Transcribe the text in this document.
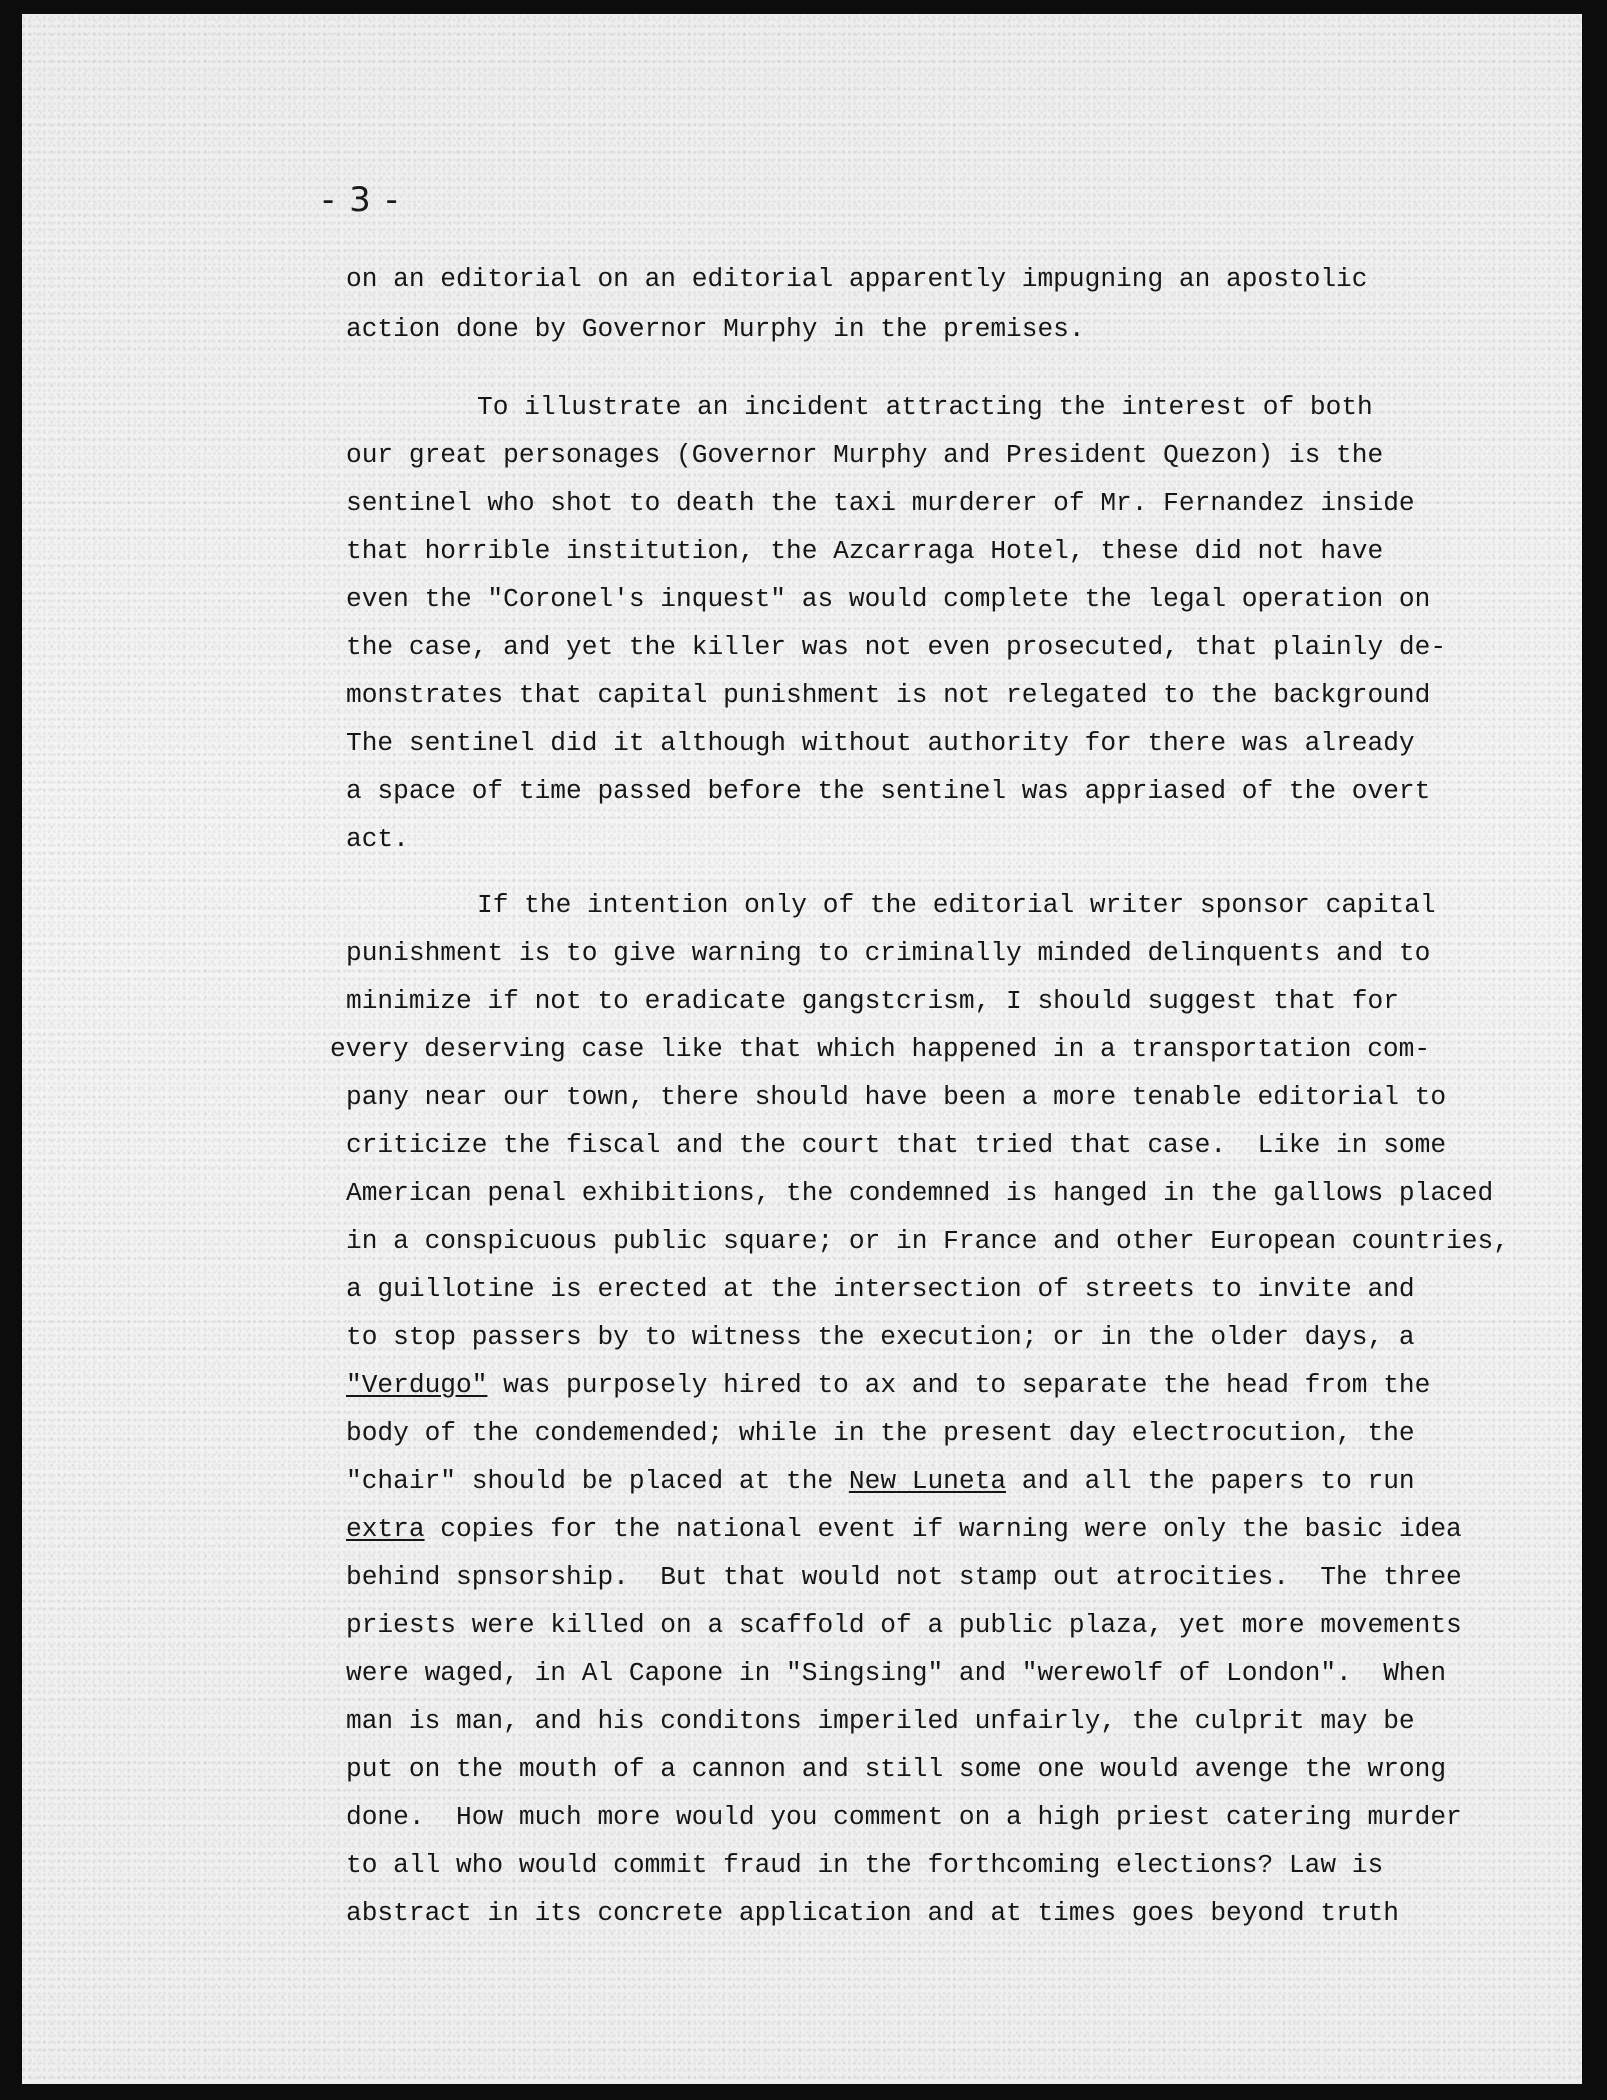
- 3 -

on an editorial on an editorial apparently impugning an apostolic

action done by Governor Murphy in the premises.

To illustrate an incident attracting the interest of both

our great personages (Governor Murphy and President Quezon) is the

sentinel who shot to death the taxi murderer of Mr. Fernandez inside

that horrible institution, the Azcarraga Hotel, these did not have

even the "Coronel's inquest" as would complete the legal operation on

the case, and yet the killer was not even prosecuted, that plainly de-

monstrates that capital punishment is not relegated to the background

The sentinel did it although without authority for there was already

a space of time passed before the sentinel was appriased of the overt

act.

If the intention only of the editorial writer sponsor capital

punishment is to give warning to criminally minded delinquents and to

minimize if not to eradicate gangstcrism, I should suggest that for

every deserving case like that which happened in a transportation com-

pany near our town, there should have been a more tenable editorial to

criticize the fiscal and the court that tried that case.  Like in some

American penal exhibitions, the condemned is hanged in the gallows placed

in a conspicuous public square; or in France and other European countries,

a guillotine is erected at the intersection of streets to invite and

to stop passers by to witness the execution; or in the older days, a

"Verdugo" was purposely hired to ax and to separate the head from the

body of the condemended; while in the present day electrocution, the

"chair" should be placed at the New Luneta and all the papers to run

extra copies for the national event if warning were only the basic idea

behind spnsorship.  But that would not stamp out atrocities.  The three

priests were killed on a scaffold of a public plaza, yet more movements

were waged, in Al Capone in "Singsing" and "werewolf of London".  When

man is man, and his conditons imperiled unfairly, the culprit may be

put on the mouth of a cannon and still some one would avenge the wrong

done.  How much more would you comment on a high priest catering murder

to all who would commit fraud in the forthcoming elections? Law is

abstract in its concrete application and at times goes beyond truth
